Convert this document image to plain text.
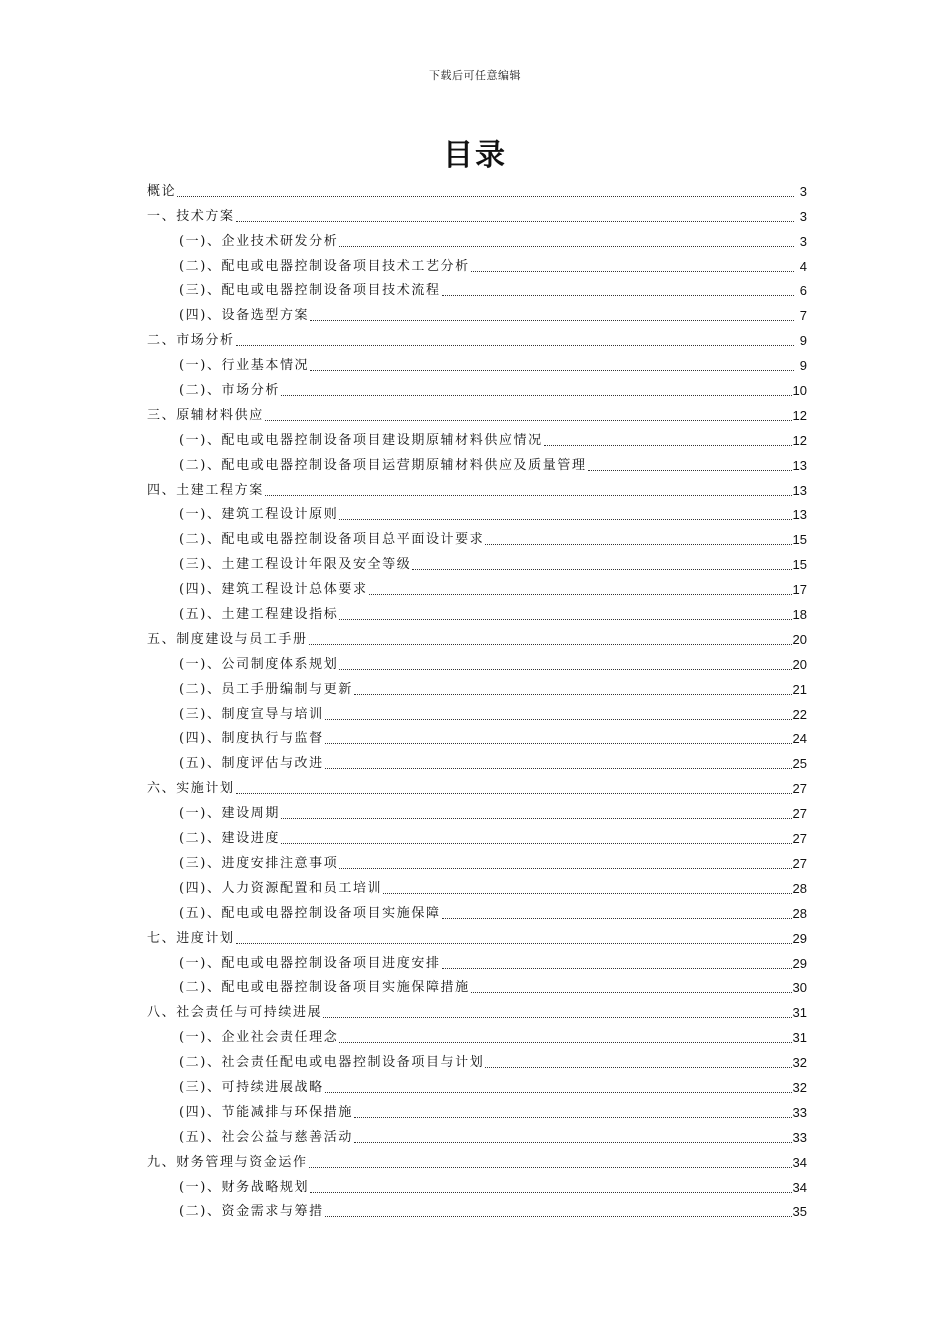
下载后可任意编辑
目录
概论	3
一、技术方案	3
(一)、企业技术研发分析	3
(二)、配电或电器控制设备项目技术工艺分析	4
(三)、配电或电器控制设备项目技术流程	6
(四)、设备选型方案	7
二、市场分析	9
(一)、行业基本情况	9
(二)、市场分析	10
三、原辅材料供应	12
(一)、配电或电器控制设备项目建设期原辅材料供应情况	12
(二)、配电或电器控制设备项目运营期原辅材料供应及质量管理	13
四、土建工程方案	13
(一)、建筑工程设计原则	13
(二)、配电或电器控制设备项目总平面设计要求	15
(三)、土建工程设计年限及安全等级	15
(四)、建筑工程设计总体要求	17
(五)、土建工程建设指标	18
五、制度建设与员工手册	20
(一)、公司制度体系规划	20
(二)、员工手册编制与更新	21
(三)、制度宣导与培训	22
(四)、制度执行与监督	24
(五)、制度评估与改进	25
六、实施计划	27
(一)、建设周期	27
(二)、建设进度	27
(三)、进度安排注意事项	27
(四)、人力资源配置和员工培训	28
(五)、配电或电器控制设备项目实施保障	28
七、进度计划	29
(一)、配电或电器控制设备项目进度安排	29
(二)、配电或电器控制设备项目实施保障措施	30
八、社会责任与可持续进展	31
(一)、企业社会责任理念	31
(二)、社会责任配电或电器控制设备项目与计划	32
(三)、可持续进展战略	32
(四)、节能减排与环保措施	33
(五)、社会公益与慈善活动	33
九、财务管理与资金运作	34
(一)、财务战略规划	34
(二)、资金需求与筹措	35
